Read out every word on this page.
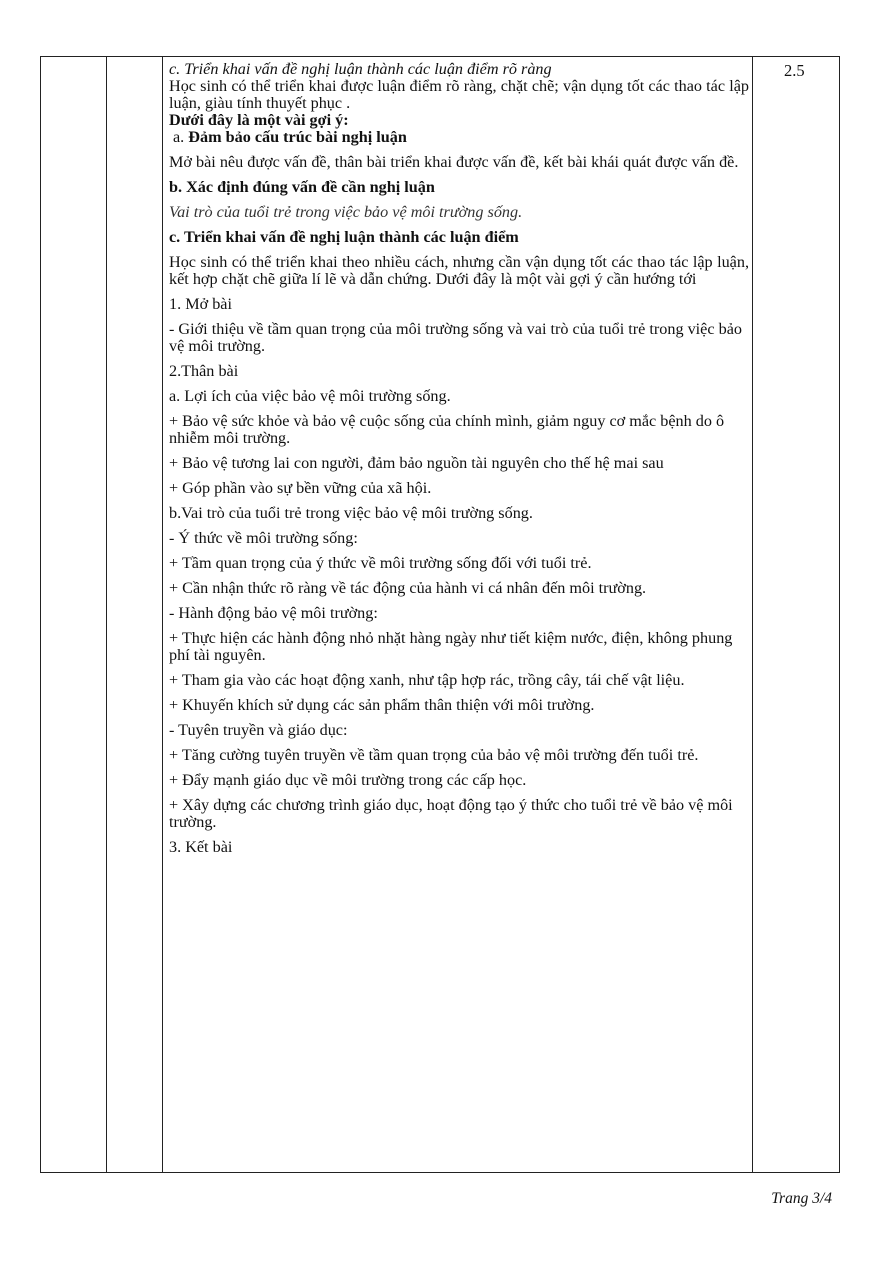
2.5

c. Triển khai vấn đề nghị luận thành các luận điểm rõ ràng

Học sinh có thể triển khai được luận điểm rõ ràng, chặt chẽ; vận dụng tốt các thao tác lập luận, giàu tính thuyết phục .

Dưới đây là một vài gợi ý:

a. Đảm bảo cấu trúc bài nghị luận

Mở bài nêu được vấn đề, thân bài triển khai được vấn đề, kết bài khái quát được vấn đề.

b. Xác định đúng vấn đề cần nghị luận

Vai trò của tuổi trẻ trong việc bảo vệ môi trường sống.

c. Triển khai vấn đề nghị luận thành các luận điểm

Học sinh có thể triển khai theo nhiều cách, nhưng cần vận dụng tốt các thao tác lập luận, kết hợp chặt chẽ giữa lí lẽ và dẫn chứng. Dưới đây là một vài gợi ý cần hướng tới

1. Mở bài

- Giới thiệu về tầm quan trọng của môi trường sống và vai trò của tuổi trẻ trong việc bảo vệ môi trường.

2.Thân bài

a. Lợi ích của việc bảo vệ môi trường sống.

+ Bảo vệ sức khỏe và bảo vệ cuộc sống của chính mình, giảm nguy cơ mắc bệnh do ô nhiễm môi trường.

+ Bảo vệ tương lai con người, đảm bảo nguồn tài nguyên cho thế hệ mai sau

+ Góp phần vào sự bền vững của xã hội.

b.Vai trò của tuổi trẻ trong việc bảo vệ môi trường sống.

- Ý thức về môi trường sống:

+ Tầm quan trọng của ý thức về môi trường sống đối với tuổi trẻ.

+ Cần nhận thức rõ ràng về tác động của hành vi cá nhân đến môi trường.

- Hành động bảo vệ môi trường:

+ Thực hiện các hành động nhỏ nhặt hàng ngày như tiết kiệm nước, điện, không phung phí tài nguyên.

+ Tham gia vào các hoạt động xanh, như tập hợp rác, trồng cây, tái chế vật liệu.

+ Khuyến khích sử dụng các sản phẩm thân thiện với môi trường.

- Tuyên truyền và giáo dục:

+ Tăng cường tuyên truyền về tầm quan trọng của bảo vệ môi trường đến tuổi trẻ.

+ Đẩy mạnh giáo dục về môi trường trong các cấp học.

+ Xây dựng các chương trình giáo dục, hoạt động tạo ý thức cho tuổi trẻ về bảo vệ môi trường.

3. Kết bài

Trang 3/4
